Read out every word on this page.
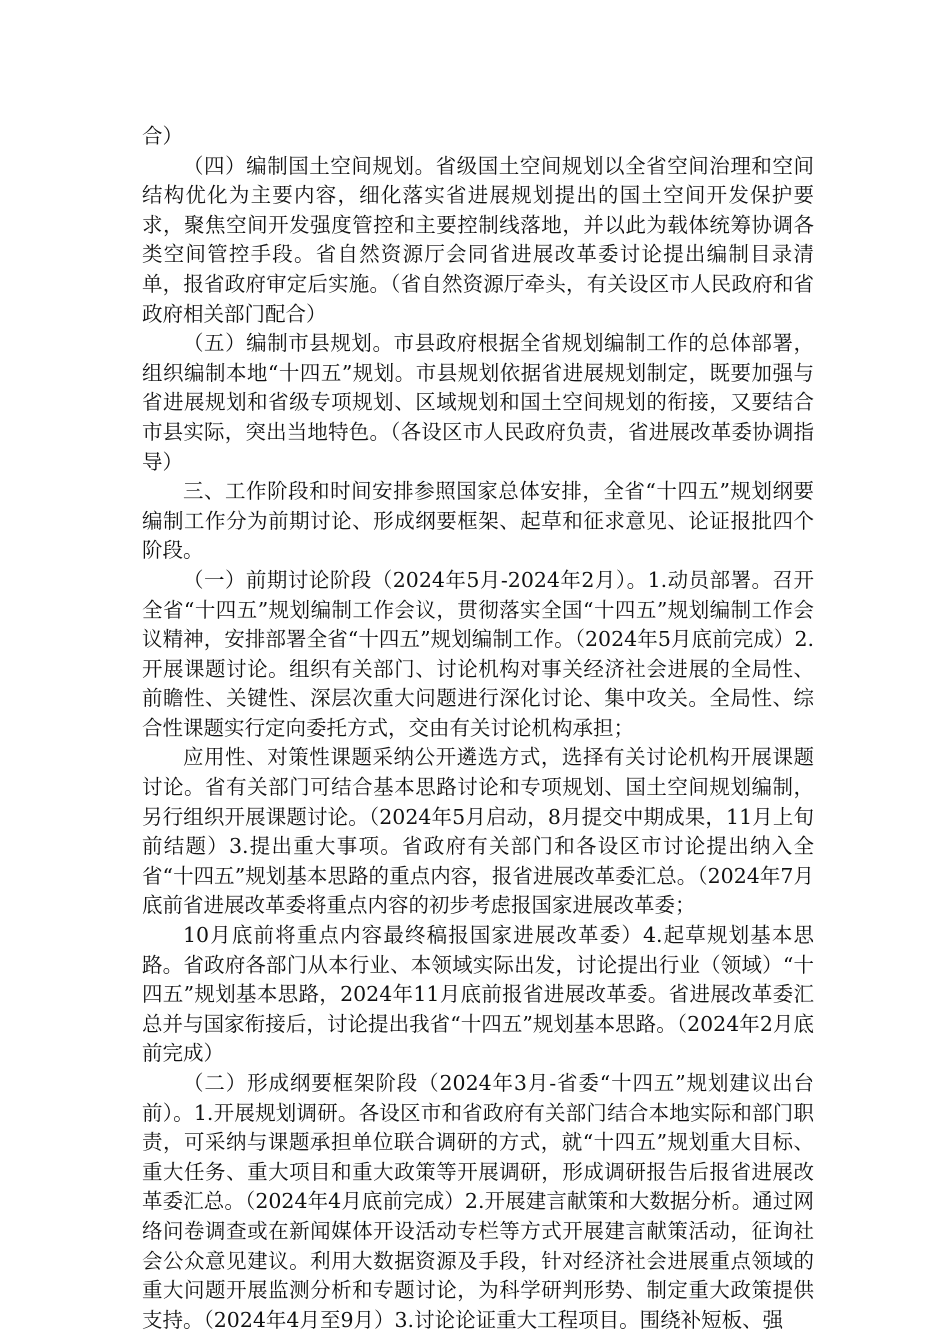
合）

（四）编制国土空间规划。省级国土空间规划以全省空间治理和空间结构优化为主要内容，细化落实省进展规划提出的国土空间开发保护要求，聚焦空间开发强度管控和主要控制线落地，并以此为载体统筹协调各类空间管控手段。省自然资源厅会同省进展改革委讨论提出编制目录清单，报省政府审定后实施。（省自然资源厅牵头，有关设区市人民政府和省政府相关部门配合）

（五）编制市县规划。市县政府根据全省规划编制工作的总体部署，组织编制本地“十四五”规划。市县规划依据省进展规划制定，既要加强与省进展规划和省级专项规划、区域规划和国土空间规划的衔接，又要结合市县实际，突出当地特色。（各设区市人民政府负责，省进展改革委协调指导）

三、工作阶段和时间安排参照国家总体安排，全省“十四五”规划纲要编制工作分为前期讨论、形成纲要框架、起草和征求意见、论证报批四个阶段。

（一）前期讨论阶段（2024年5月-2024年2月）。1.动员部署。召开全省“十四五”规划编制工作会议，贯彻落实全国“十四五”规划编制工作会议精神，安排部署全省“十四五”规划编制工作。（2024年5月底前完成）2.开展课题讨论。组织有关部门、讨论机构对事关经济社会进展的全局性、前瞻性、关键性、深层次重大问题进行深化讨论、集中攻关。全局性、综合性课题实行定向委托方式，交由有关讨论机构承担；

应用性、对策性课题采纳公开遴选方式，选择有关讨论机构开展课题讨论。省有关部门可结合基本思路讨论和专项规划、国土空间规划编制，另行组织开展课题讨论。（2024年5月启动，8月提交中期成果，11月上旬前结题）3.提出重大事项。省政府有关部门和各设区市讨论提出纳入全省“十四五”规划基本思路的重点内容，报省进展改革委汇总。（2024年7月底前省进展改革委将重点内容的初步考虑报国家进展改革委；

10月底前将重点内容最终稿报国家进展改革委）4.起草规划基本思路。省政府各部门从本行业、本领域实际出发，讨论提出行业（领域）“十四五”规划基本思路，2024年11月底前报省进展改革委。省进展改革委汇总并与国家衔接后，讨论提出我省“十四五”规划基本思路。（2024年2月底前完成）

（二）形成纲要框架阶段（2024年3月-省委“十四五”规划建议出台前）。1.开展规划调研。各设区市和省政府有关部门结合本地实际和部门职责，可采纳与课题承担单位联合调研的方式，就“十四五”规划重大目标、重大任务、重大项目和重大政策等开展调研，形成调研报告后报省进展改革委汇总。（2024年4月底前完成）2.开展建言献策和大数据分析。通过网络问卷调查或在新闻媒体开设活动专栏等方式开展建言献策活动，征询社会公众意见建议。利用大数据资源及手段，针对经济社会进展重点领域的重大问题开展监测分析和专题讨论，为科学研判形势、制定重大政策提供支持。（2024年4月至9月）3.讨论论证重大工程项目。围绕补短板、强
